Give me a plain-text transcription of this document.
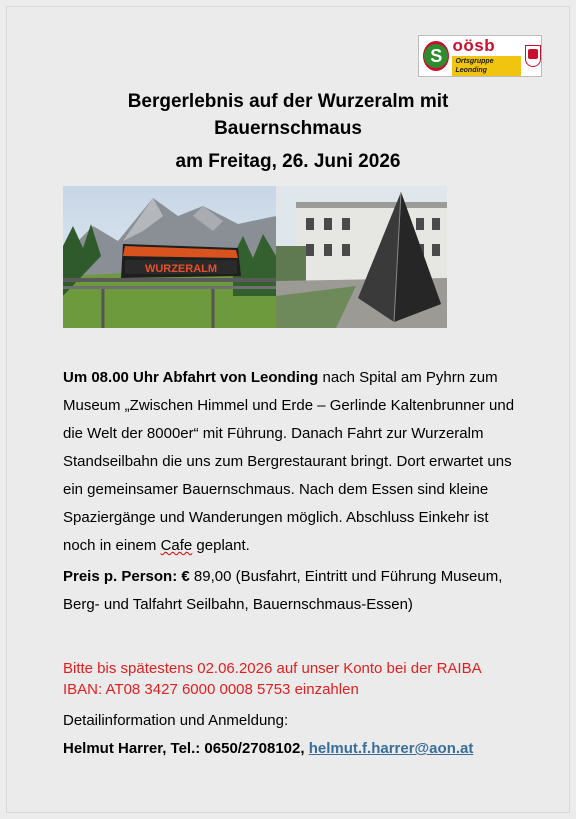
S
oösb
Ortsgruppe Leonding
Bergerlebnis auf der Wurzeralm mit
Bauernschmaus
am Freitag, 26. Juni 2026
WURZERALM

Um 08.00 Uhr Abfahrt von Leonding nach Spital am Pyhrn zum Museum „Zwischen Himmel und Erde – Gerlinde Kaltenbrunner und die Welt der 8000er“ mit Führung. Danach Fahrt zur Wurzeralm Standseilbahn die uns zum Bergrestaurant bringt. Dort erwartet uns ein gemeinsamer Bauernschmaus. Nach dem Essen sind kleine Spaziergänge und Wanderungen möglich. Abschluss Einkehr ist noch in einem Cafe geplant.

Preis p. Person: € 89,00 (Busfahrt, Eintritt und Führung Museum, Berg- und Talfahrt Seilbahn, Bauernschmaus-Essen)

Bitte bis spätestens 02.06.2026 auf unser Konto bei der RAIBA

IBAN: AT08 3427 6000 0008 5753 einzahlen

Detailinformation und Anmeldung:
Helmut Harrer, Tel.: 0650/2708102, helmut.f.harrer@aon.at
